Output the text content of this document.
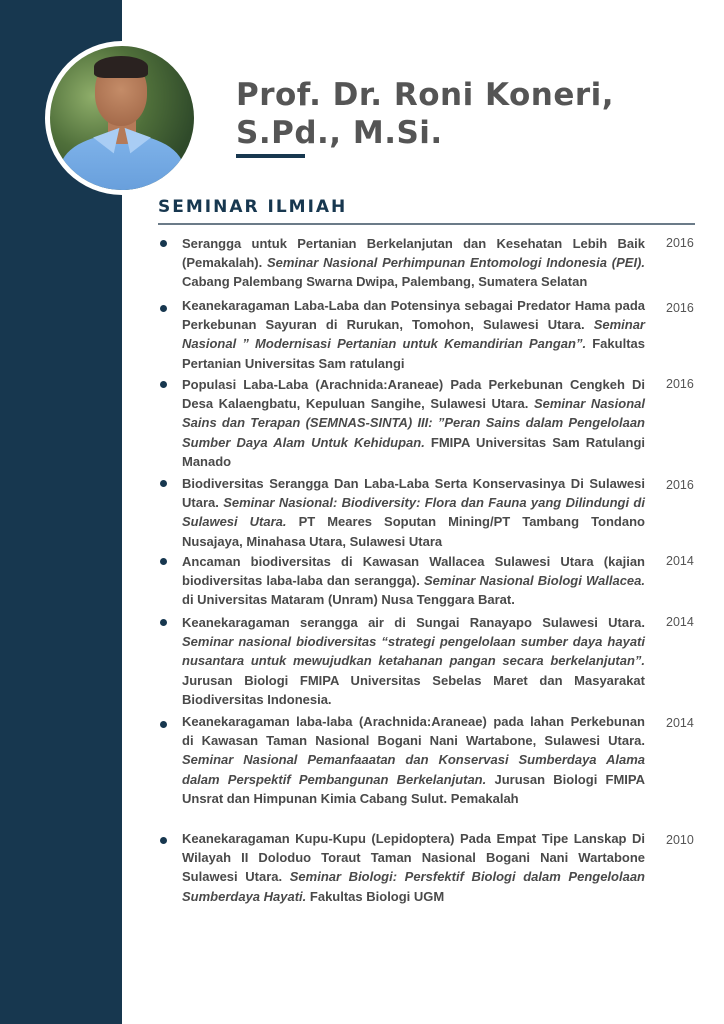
Prof. Dr. Roni Koneri,
S.Pd., M.Si.
SEMINAR ILMIAH
Serangga untuk Pertanian Berkelanjutan dan Kesehatan Lebih Baik (Pemakalah). Seminar Nasional Perhimpunan Entomologi Indonesia (PEI). Cabang Palembang Swarna Dwipa, Palembang, Sumatera Selatan
2016
Keanekaragaman Laba-Laba dan Potensinya sebagai Predator Hama pada Perkebunan Sayuran di Rurukan, Tomohon, Sulawesi Utara. Seminar Nasional ” Modernisasi Pertanian untuk Kemandirian Pangan”. Fakultas Pertanian Universitas Sam ratulangi
2016
Populasi Laba-Laba (Arachnida:Araneae) Pada Perkebunan Cengkeh Di Desa Kalaengbatu, Kepuluan Sangihe, Sulawesi Utara. Seminar Nasional Sains dan Terapan (SEMNAS-SINTA) III: ”Peran Sains dalam Pengelolaan Sumber Daya Alam Untuk Kehidupan. FMIPA Universitas Sam Ratulangi Manado
2016
Biodiversitas Serangga Dan Laba-Laba Serta Konservasinya Di Sulawesi Utara. Seminar Nasional: Biodiversity: Flora dan Fauna yang Dilindungi di Sulawesi Utara. PT Meares Soputan Mining/PT Tambang Tondano Nusajaya, Minahasa Utara, Sulawesi Utara
2016
Ancaman biodiversitas di Kawasan Wallacea Sulawesi Utara (kajian biodiversitas laba-laba dan serangga). Seminar Nasional Biologi Wallacea. di Universitas Mataram (Unram) Nusa Tenggara Barat.
2014
Keanekaragaman serangga air di Sungai Ranayapo Sulawesi Utara. Seminar nasional biodiversitas “strategi pengelolaan sumber daya hayati nusantara untuk mewujudkan ketahanan pangan secara berkelanjutan”. Jurusan Biologi FMIPA Universitas Sebelas Maret dan Masyarakat Biodiversitas Indonesia.
2014
Keanekaragaman laba-laba (Arachnida:Araneae) pada lahan Perkebunan di Kawasan Taman Nasional Bogani Nani Wartabone, Sulawesi Utara. Seminar Nasional Pemanfaaatan dan Konservasi Sumberdaya Alama dalam Perspektif Pembangunan Berkelanjutan. Jurusan Biologi FMIPA Unsrat dan Himpunan Kimia Cabang Sulut. Pemakalah
2014
Keanekaragaman Kupu-Kupu (Lepidoptera) Pada Empat Tipe Lanskap Di Wilayah II Doloduo Toraut Taman Nasional Bogani Nani Wartabone Sulawesi Utara. Seminar Biologi: Persfektif Biologi dalam Pengelolaan Sumberdaya Hayati. Fakultas Biologi UGM
2010
